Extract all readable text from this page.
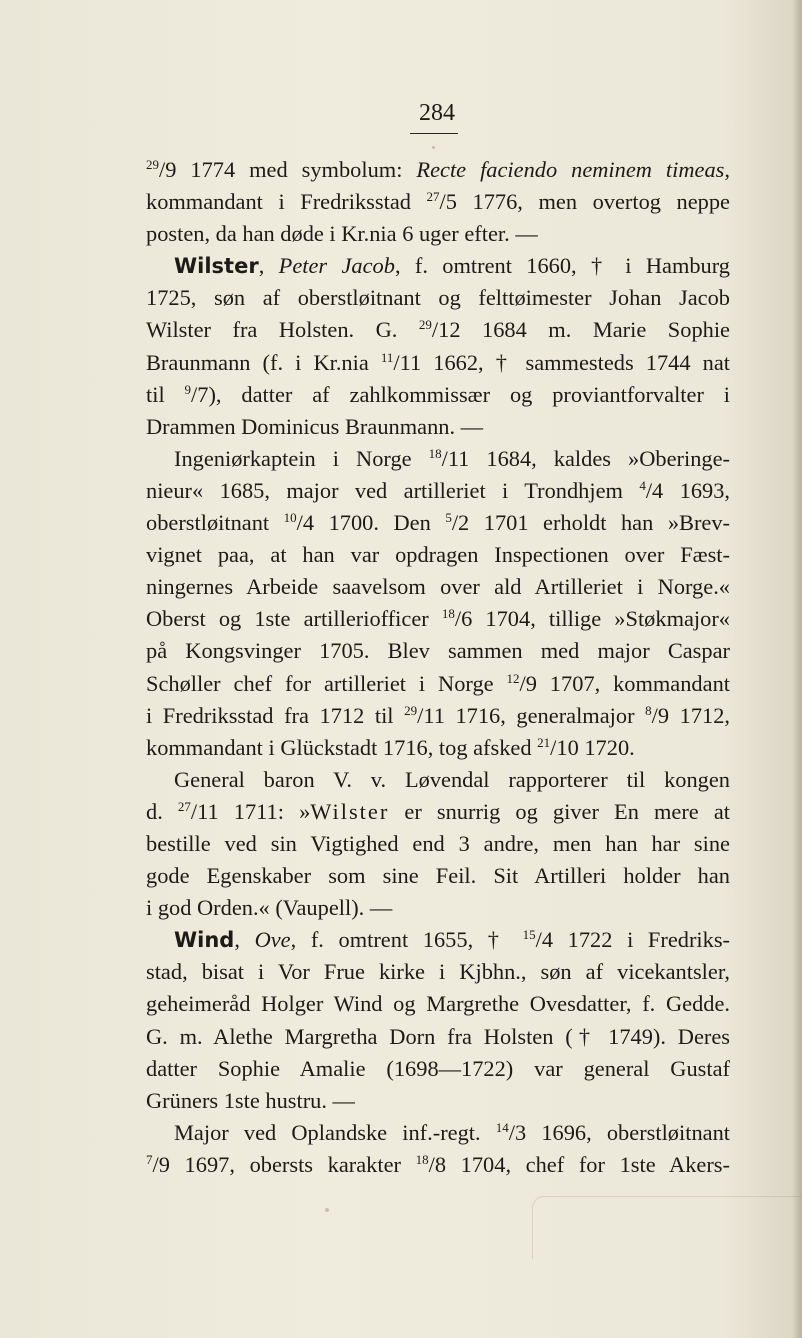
284
$^{29}$/9 1774 med symbolum: Recte faciendo neminem timeas,
kommandant i Fredriksstad $^{27}$/5 1776, men overtog neppe
posten, da han døde i Kr.nia 6 uger efter. —
Wilster, Peter Jacob, f. omtrent 1660, † i Hamburg
1725, søn af oberstløitnant og felttøimester Johan Jacob
Wilster fra Holsten. G. $^{29}$/12 1684 m. Marie Sophie
Braunmann (f. i Kr.nia $^{11}$/11 1662, † sammesteds 1744 nat
til $^9$/7), datter af zahlkommissær og proviantforvalter i
Drammen Dominicus Braunmann. —
Ingeniørkaptein i Norge $^{18}$/11 1684, kaldes »Oberinge-
nieur« 1685, major ved artilleriet i Trondhjem $^4$/4 1693,
oberstløitnant $^{10}$/4 1700. Den $^5$/2 1701 erholdt han »Brev-
vignet paa, at han var opdragen Inspectionen over Fæst-
ningernes Arbeide saavelsom over ald Artilleriet i Norge.«
Oberst og 1ste artilleriofficer $^{18}$/6 1704, tillige »Støkmajor«
på Kongsvinger 1705. Blev sammen med major Caspar
Schøller chef for artilleriet i Norge $^{12}$/9 1707, kommandant
i Fredriksstad fra 1712 til $^{29}$/11 1716, generalmajor $^8$/9 1712,
kommandant i Glückstadt 1716, tog afsked $^{21}$/10 1720.
General baron V. v. Løvendal rapporterer til kongen
d. $^{27}$/11 1711: »Wilster er snurrig og giver En mere at
bestille ved sin Vigtighed end 3 andre, men han har sine
gode Egenskaber som sine Feil. Sit Artilleri holder han
i god Orden.« (Vaupell). —
Wind, Ove, f. omtrent 1655, † $^{15}$/4 1722 i Fredriks-
stad, bisat i Vor Frue kirke i Kjbhn., søn af vicekantsler,
geheimeråd Holger Wind og Margrethe Ovesdatter, f. Gedde.
G. m. Alethe Margretha Dorn fra Holsten († 1749). Deres
datter Sophie Amalie (1698—1722) var general Gustaf
Grüners 1ste hustru. —
Major ved Oplandske inf.-regt. $^{14}$/3 1696, oberstløitnant
$^7$/9 1697, obersts karakter $^{18}$/8 1704, chef for 1ste Akers-
